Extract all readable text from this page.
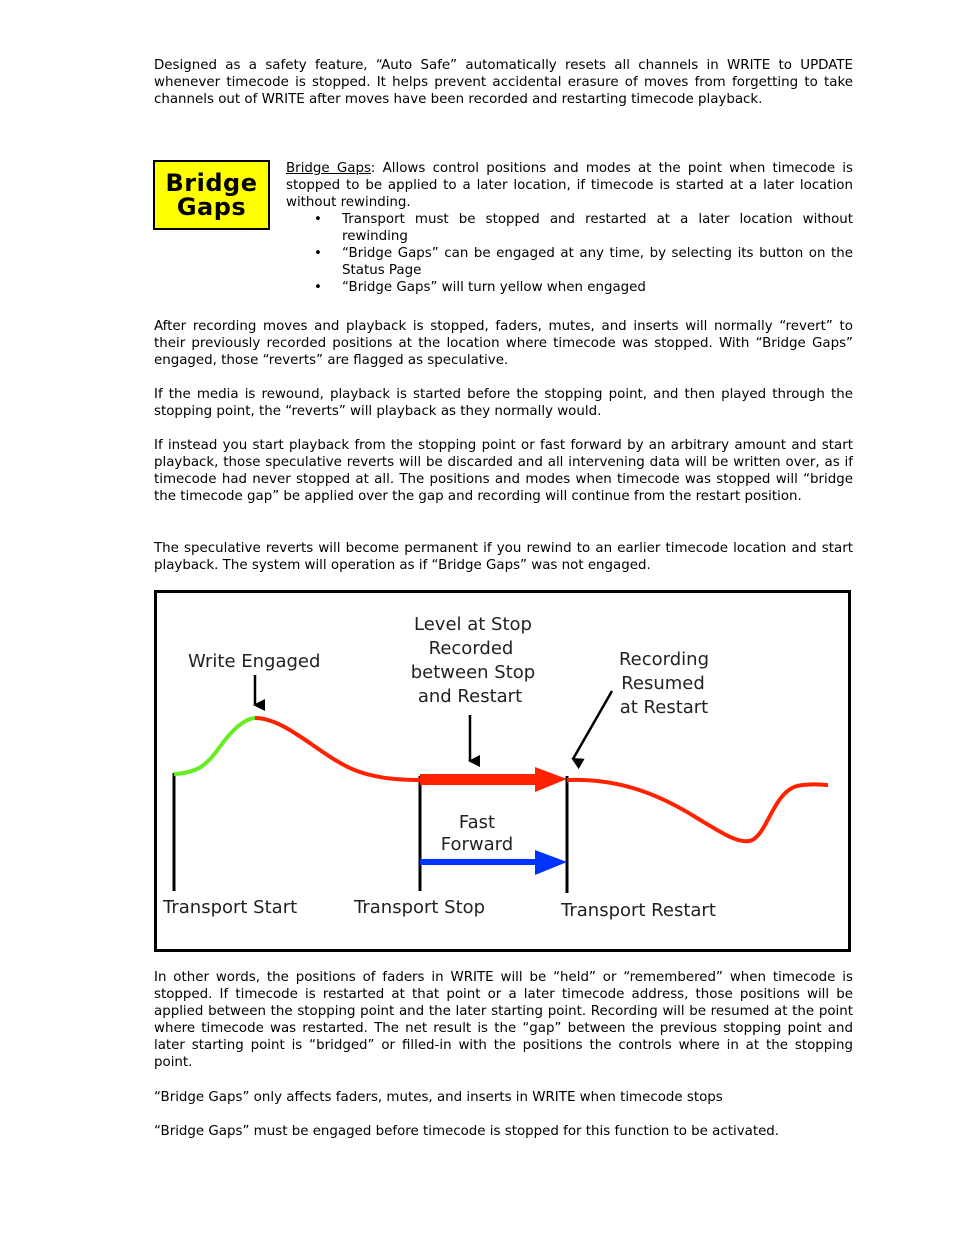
Designed as a safety feature, “Auto Safe” automatically resets all channels in WRITE to UPDATE whenever timecode is stopped. It helps prevent accidental erasure of moves from forgetting to take channels out of WRITE after moves have been recorded and restarting timecode playback.

Bridge
Gaps

Bridge Gaps: Allows control positions and modes at the point when timecode is stopped to be applied to a later location, if timecode is started at a later location without rewinding.

• Transport must be stopped and restarted at a later location without rewinding
• “Bridge Gaps” can be engaged at any time, by selecting its button on the Status Page
• “Bridge Gaps” will turn yellow when engaged

After recording moves and playback is stopped, faders, mutes, and inserts will normally “revert” to their previously recorded positions at the location where timecode was stopped. With “Bridge Gaps” engaged, those “reverts” are flagged as speculative.

If the media is rewound, playback is started before the stopping point, and then played through the stopping point, the “reverts” will playback as they normally would.

If instead you start playback from the stopping point or fast forward by an arbitrary amount and start playback, those speculative reverts will be discarded and all intervening data will be written over, as if timecode had never stopped at all. The positions and modes when timecode was stopped will “bridge the timecode gap” be applied over the gap and recording will continue from the restart position.

The speculative reverts will become permanent if you rewind to an earlier timecode location and start playback. The system will operation as if “Bridge Gaps” was not engaged.

Write Engaged
Level at Stop
Recorded
between Stop
and Restart
Recording
Resumed
at Restart
Fast
Forward
Transport Start	Transport Stop	Transport Restart

In other words, the positions of faders in WRITE will be “held” or “remembered” when timecode is stopped. If timecode is restarted at that point or a later timecode address, those positions will be applied between the stopping point and the later starting point. Recording will be resumed at the point where timecode was restarted. The net result is the “gap” between the previous stopping point and later starting point is “bridged” or filled-in with the positions the controls where in at the stopping point.

“Bridge Gaps” only affects faders, mutes, and inserts in WRITE when timecode stops

“Bridge Gaps” must be engaged before timecode is stopped for this function to be activated.
